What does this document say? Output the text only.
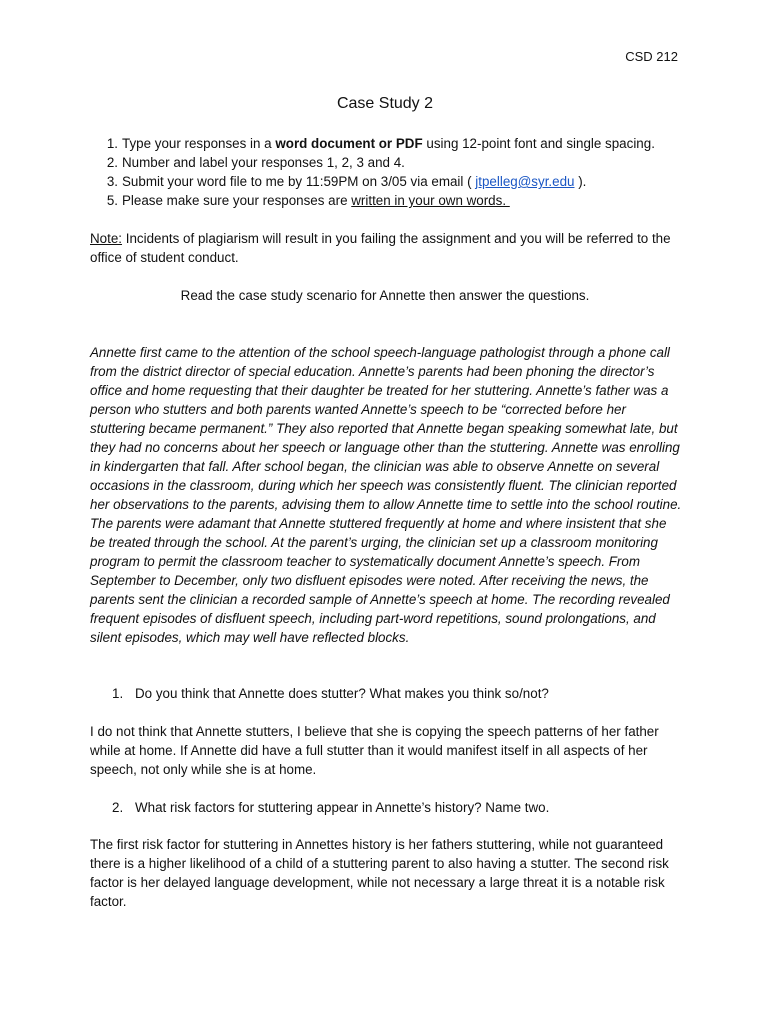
CSD 212
Case Study 2
1. Type your responses in a word document or PDF using 12-point font and single spacing.
2. Number and label your responses 1, 2, 3 and 4.
3. Submit your word file to me by 11:59PM on 3/05 via email ( jtpelleg@syr.edu ).
5. Please make sure your responses are written in your own words.

Note: Incidents of plagiarism will result in you failing the assignment and you will be referred to the office of student conduct.

Read the case study scenario for Annette then answer the questions.

Annette first came to the attention of the school speech-language pathologist through a phone call from the district director of special education. Annette’s parents had been phoning the director’s office and home requesting that their daughter be treated for her stuttering. Annette’s father was a person who stutters and both parents wanted Annette’s speech to be “corrected before her stuttering became permanent.” They also reported that Annette began speaking somewhat late, but they had no concerns about her speech or language other than the stuttering. Annette was enrolling in kindergarten that fall. After school began, the clinician was able to observe Annette on several occasions in the classroom, during which her speech was consistently fluent. The clinician reported her observations to the parents, advising them to allow Annette time to settle into the school routine. The parents were adamant that Annette stuttered frequently at home and where insistent that she be treated through the school. At the parent’s urging, the clinician set up a classroom monitoring program to permit the classroom teacher to systematically document Annette’s speech. From September to December, only two disfluent episodes were noted. After receiving the news, the parents sent the clinician a recorded sample of Annette’s speech at home. The recording revealed frequent episodes of disfluent speech, including part-word repetitions, sound prolongations, and silent episodes, which may well have reflected blocks.

1. Do you think that Annette does stutter? What makes you think so/not?

I do not think that Annette stutters, I believe that she is copying the speech patterns of her father while at home. If Annette did have a full stutter than it would manifest itself in all aspects of her speech, not only while she is at home.

2. What risk factors for stuttering appear in Annette’s history? Name two.

The first risk factor for stuttering in Annettes history is her fathers stuttering, while not guaranteed there is a higher likelihood of a child of a stuttering parent to also having a stutter. The second risk factor is her delayed language development, while not necessary a large threat it is a notable risk factor.
